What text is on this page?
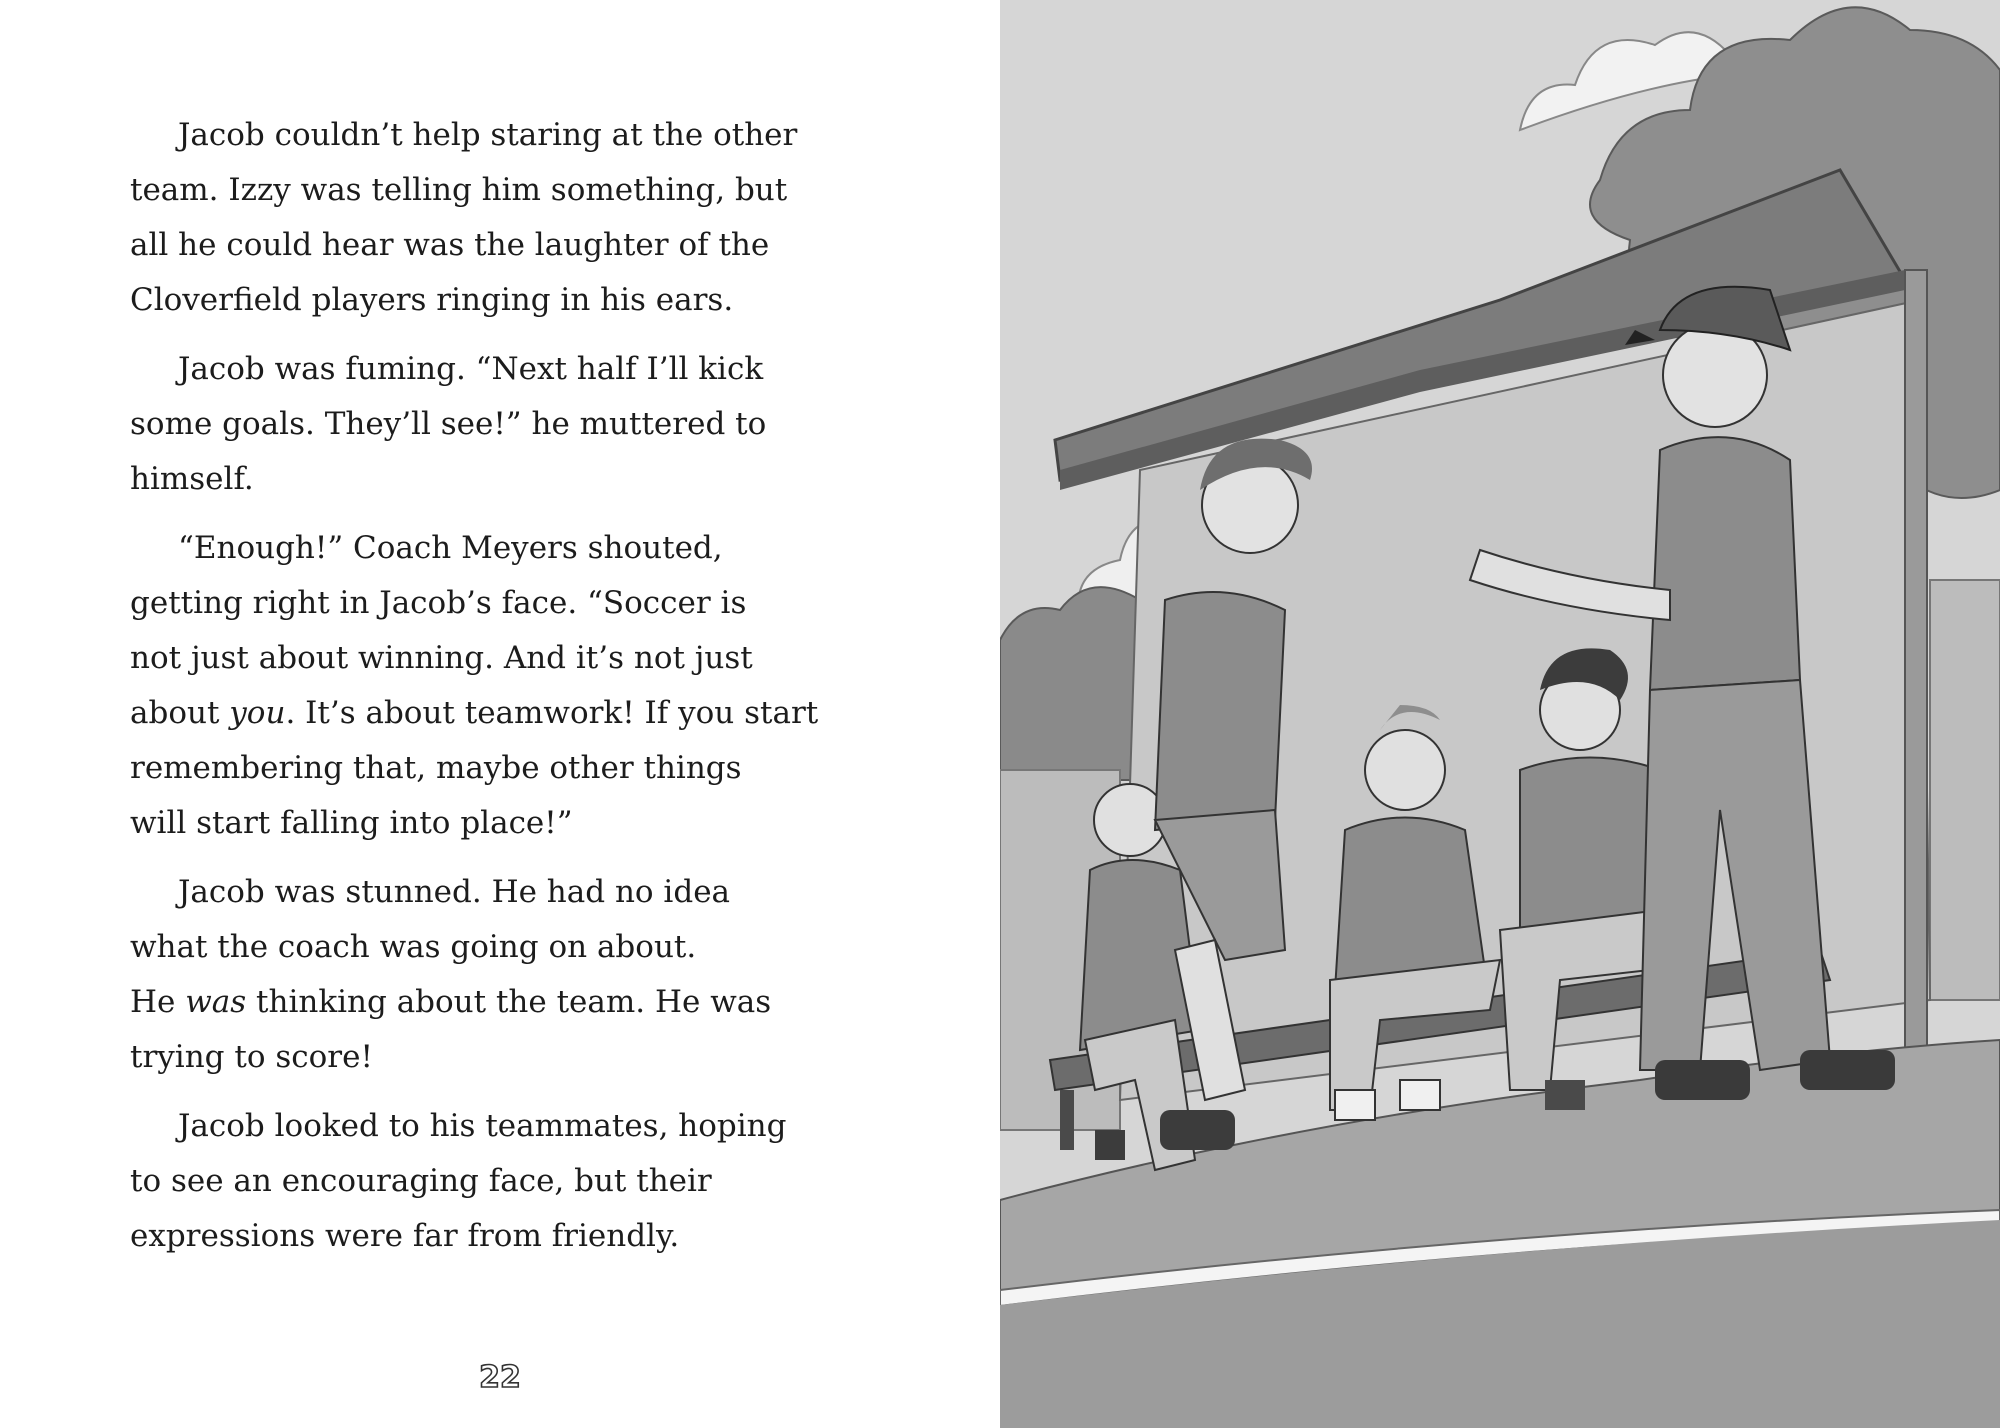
Jacob couldn’t help staring at the other
team. Izzy was telling him something, but
all he could hear was the laughter of the
Cloverfield players ringing in his ears.

Jacob was fuming. “Next half I’ll kick
some goals. They’ll see!” he muttered to
himself.

“Enough!” Coach Meyers shouted,
getting right in Jacob’s face. “Soccer is
not just about winning. And it’s not just
about you. It’s about teamwork! If you start
remembering that, maybe other things
will start falling into place!”

Jacob was stunned. He had no idea
what the coach was going on about.
He was thinking about the team. He was
trying to score!

Jacob looked to his teammates, hoping
to see an encouraging face, but their
expressions were far from friendly.

22
